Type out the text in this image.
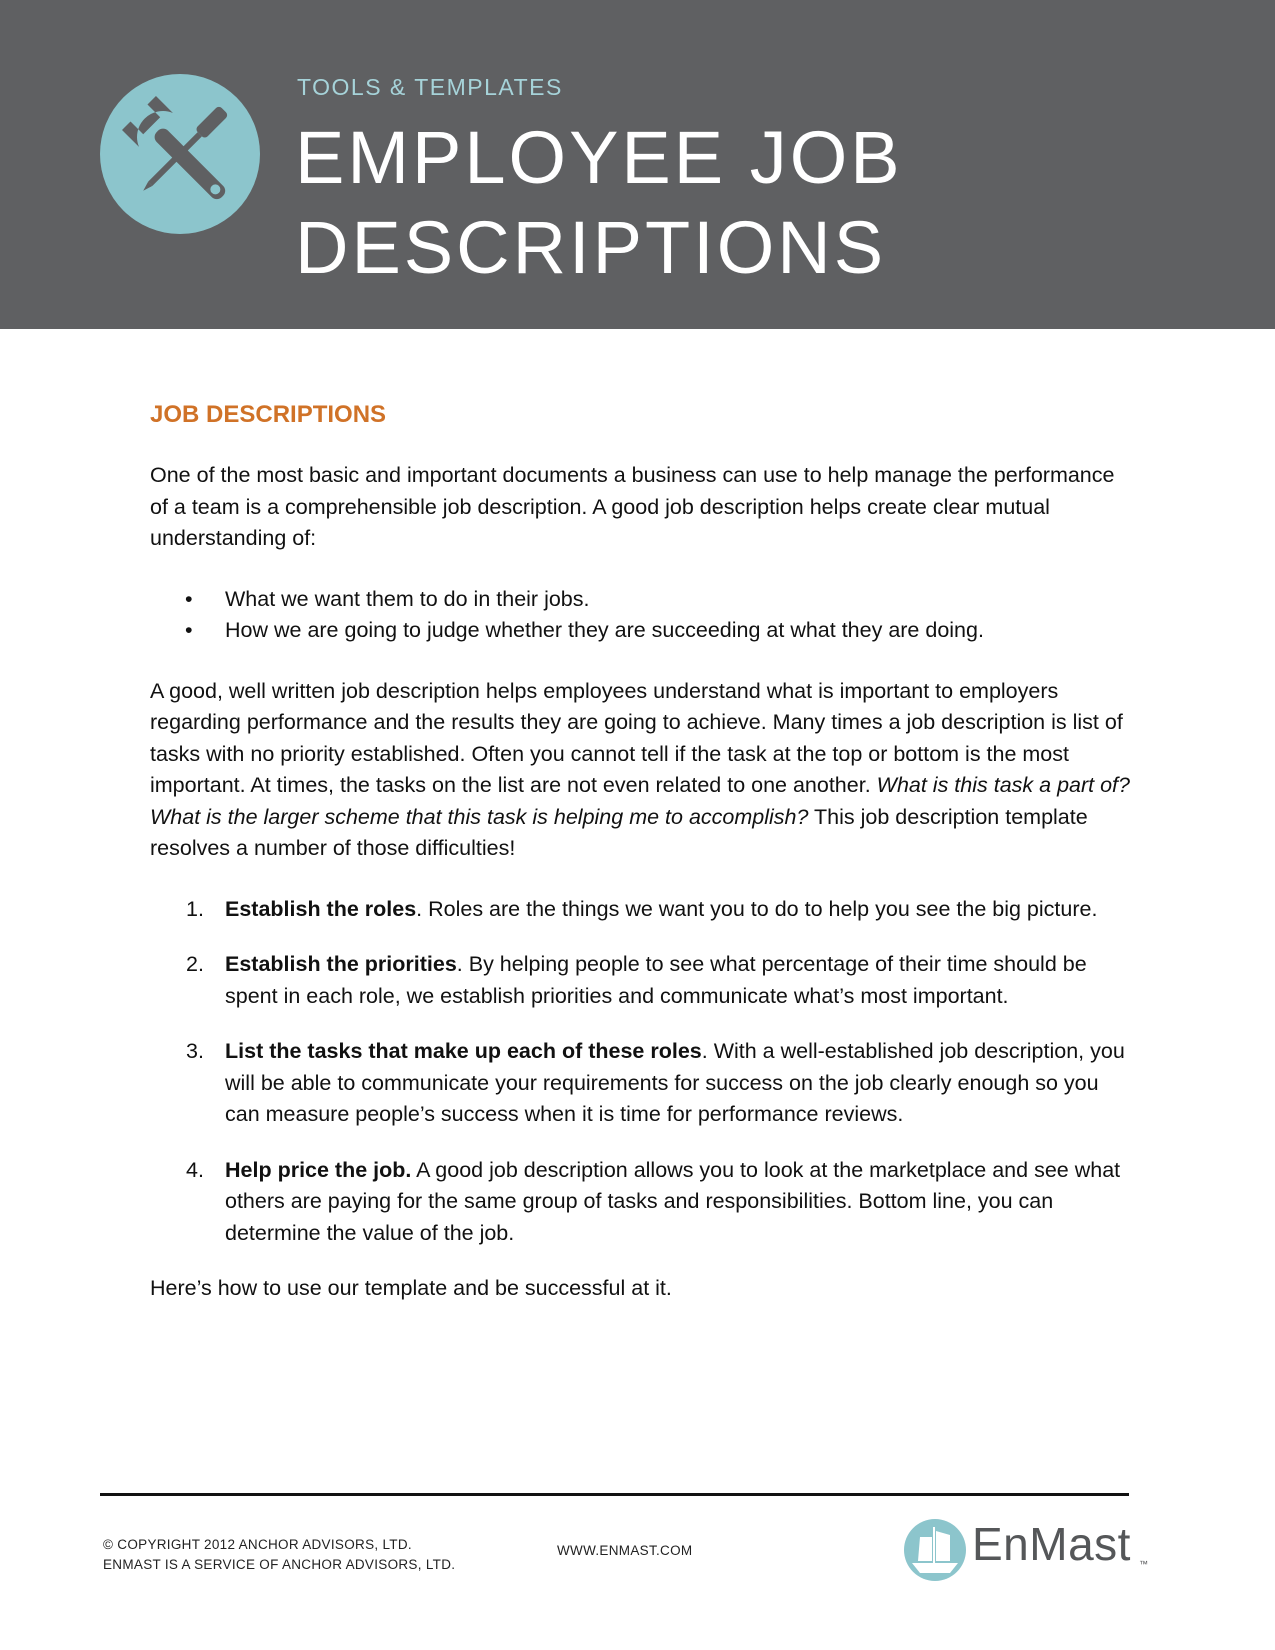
TOOLS & TEMPLATES
EMPLOYEE JOB
DESCRIPTIONS
JOB DESCRIPTIONS

One of the most basic and important documents a business can use to help manage the performance of a team is a comprehensible job description. A good job description helps create clear mutual understanding of:

• What we want them to do in their jobs.
• How we are going to judge whether they are succeeding at what they are doing.

A good, well written job description helps employees understand what is important to employers regarding performance and the results they are going to achieve. Many times a job description is list of tasks with no priority established. Often you cannot tell if the task at the top or bottom is the most important. At times, the tasks on the list are not even related to one another. What is this task a part of? What is the larger scheme that this task is helping me to accomplish? This job description template resolves a number of those difficulties!

1. Establish the roles. Roles are the things we want you to do to help you see the big picture.
2. Establish the priorities. By helping people to see what percentage of their time should be spent in each role, we establish priorities and communicate what’s most important.
3. List the tasks that make up each of these roles. With a well-established job description, you will be able to communicate your requirements for success on the job clearly enough so you can measure people’s success when it is time for performance reviews.
4. Help price the job. A good job description allows you to look at the marketplace and see what others are paying for the same group of tasks and responsibilities. Bottom line, you can determine the value of the job.

Here’s how to use our template and be successful at it.

© COPYRIGHT 2012 ANCHOR ADVISORS, LTD.
ENMAST IS A SERVICE OF ANCHOR ADVISORS, LTD.
WWW.ENMAST.COM	EnMast ™
